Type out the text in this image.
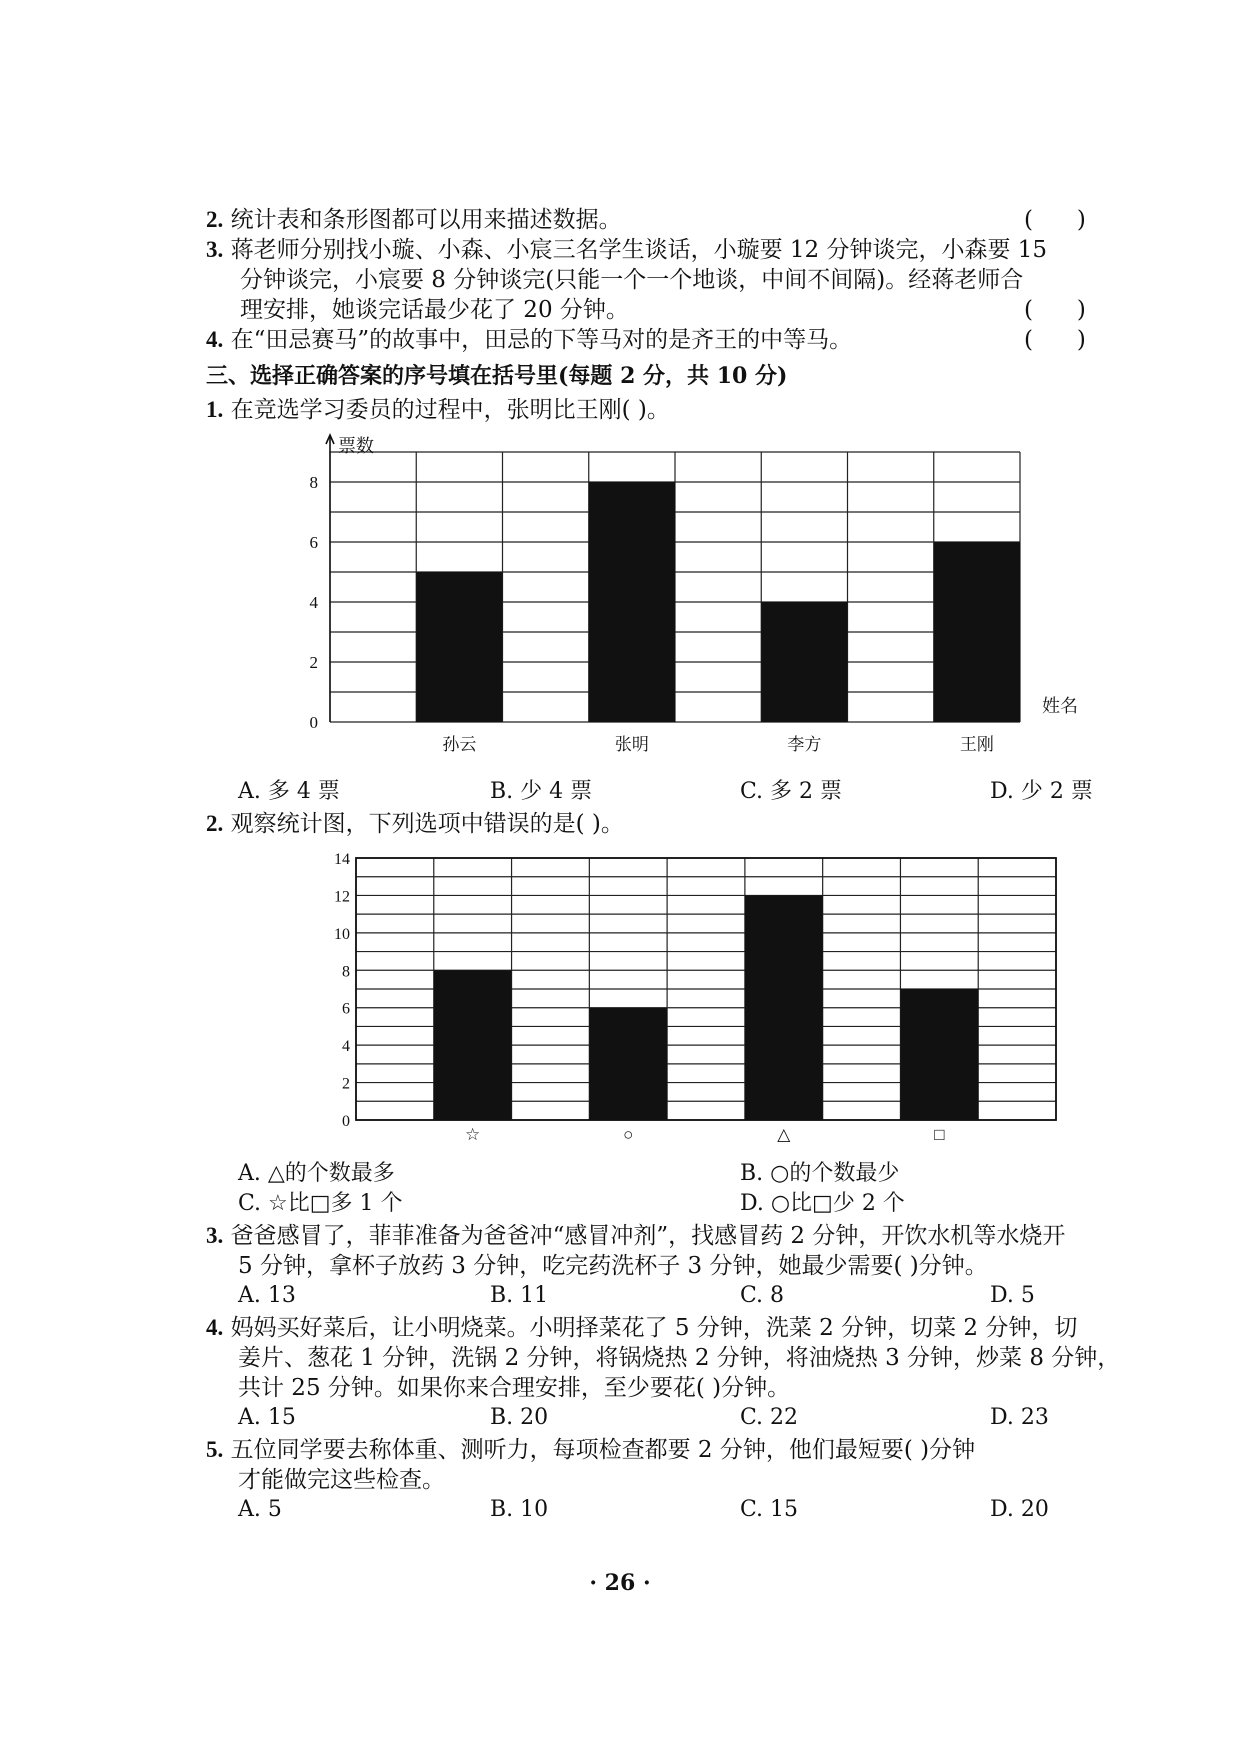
2. 统计表和条形图都可以用来描述数据。	(      )
3. 蒋老师分别找小璇、小森、小宸三名学生谈话，小璇要 12 分钟谈完，小森要 15
分钟谈完，小宸要 8 分钟谈完(只能一个一个地谈，中间不间隔)。经蒋老师合
理安排，她谈完话最少花了 20 分钟。	(      )
4. 在“田忌赛马”的故事中，田忌的下等马对的是齐王的中等马。	(      )
三、选择正确答案的序号填在括号里(每题 2 分，共 10 分)
1. 在竞选学习委员的过程中，张明比王刚( )。
孙云	张明	李方	王刚
0
2
4
6
8
票数
姓名
A. 多 4 票	B. 少 4 票	C. 多 2 票	D. 少 2 票
2. 观察统计图，下列选项中错误的是( )。
☆	○	△	□
0
2
4
6
8
10
12
14
A. △的个数最多	B. ○的个数最少
C. ☆比□多 1 个	D. ○比□少 2 个
3. 爸爸感冒了，菲菲准备为爸爸冲“感冒冲剂”，找感冒药 2 分钟，开饮水机等水烧开
5 分钟，拿杯子放药 3 分钟，吃完药洗杯子 3 分钟，她最少需要( )分钟。
A. 13	B. 11	C. 8	D. 5
4. 妈妈买好菜后，让小明烧菜。小明择菜花了 5 分钟，洗菜 2 分钟，切菜 2 分钟，切
姜片、葱花 1 分钟，洗锅 2 分钟，将锅烧热 2 分钟，将油烧热 3 分钟，炒菜 8 分钟，
共计 25 分钟。如果你来合理安排，至少要花( )分钟。
A. 15	B. 20	C. 22	D. 23
5. 五位同学要去称体重、测听力，每项检查都要 2 分钟，他们最短要( )分钟
才能做完这些检查。
A. 5	B. 10	C. 15	D. 20
· 26 ·
